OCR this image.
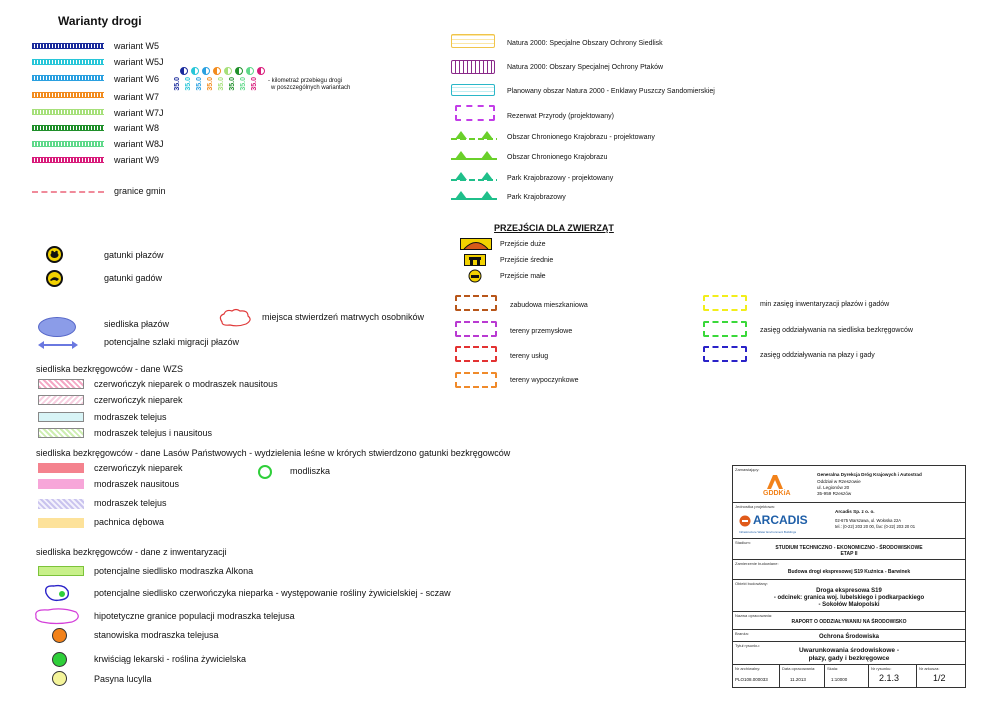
Warianty drogi
wariant W5
wariant W5J
wariant W6
wariant W7
wariant W7J
wariant W8
wariant W8J
wariant W9
35.0 35.0 35.0 35.0 35.0 35.0 35.0 35.0 - kilometraż przebiegu drogi
w poszczególnych wariantach
granice gmin
gatunki płazów
gatunki gadów
siedliska płazów
potencjalne szlaki migracji płazów
miejsca stwierdzeń matrwych osobników
siedliska bezkręgowców - dane WZS
czerwończyk nieparek o modraszek nausitous
czerwończyk nieparek
modraszek telejus
modraszek telejus i nausitous
siedliska bezkręgowców - dane Lasów Państwowych - wydzielenia leśne w krórych stwierdzono gatunki bezkręgowców
czerwończyk nieparek
modraszek nausitous
modraszek telejus
pachnica dębowa
modliszka
siedliska bezkręgowców - dane z inwentaryzacji
potencjalne siedlisko modraszka Alkona
potencjalne siedlisko czerwończyka nieparka - występowanie rośliny żywicielskiej - sczaw
hipotetyczne granice populacji modraszka telejusa
stanowiska modraszka telejusa
krwiściąg lekarski - roślina żywicielska
Pasyna lucylla
Natura 2000: Specjalne Obszary Ochrony Siedlisk
Natura 2000: Obszary Specjalnej Ochrony Ptaków
Planowany obszar Natura 2000 - Enklawy Puszczy Sandomierskiej
Rezerwat Przyrody (projektowany)
Obszar Chronionego Krajobrazu - projektowany
Obszar Chronionego Krajobrazu
Park Krajobrazowy - projektowany
Park Krajobrazowy
PRZEJŚCIA DLA ZWIERZĄT
Przejście duże
Przejście średnie
Przejście małe
zabudowa mieszkaniowa
tereny przemysłowe
tereny usług
tereny wypoczynkowe
min zasięg inwentaryzacji płazów i gadów
zasięg oddziaływania na siedliska bezkręgowców
zasięg oddziaływania na płazy i gady
Zamawiający:
GDDKiA
Generalna Dyrekcja Dróg Krajowych i Autostrad
Oddział w Rzeszowie
ul. Legionów 20
35-959 Rzeszów
Jednostka projektowa:
ARCADIS
Infrastructure Water Environment Buildings
Arcadis Sp. z o. o.
02-675 Warszawa, ul. Wołoska 22A
tel.: (0-22) 203 20 00, fax: (0-22) 203 20 01
Stadium:
STUDIUM TECHNICZNO - EKONOMICZNO - ŚRODOWISKOWE
ETAP II
Zamierzenie budowlane:
Budowa drogi ekspresowej S19 Kuźnica - Barwinek
Obiekt budowlany:
Droga ekspresowa S19
- odcinek: granica woj. lubelskiego i podkarpackiego
- Sokołów Małopolski
Nazwa opracowania:
RAPORT O ODDZIAŁYWANIU NA ŚRODOWISKO
Branża:
Ochrona Środowiska
Tytuł rysunku:
Uwarunkowania środowiskowe -
płazy, gady i bezkręgowce
Nr archiwalny:
PLO108.000033
Data opracowania:
11.2013
Skala:
1:10000
Nr rysunku:
2.1.3
Nr arkusza:
1/2
